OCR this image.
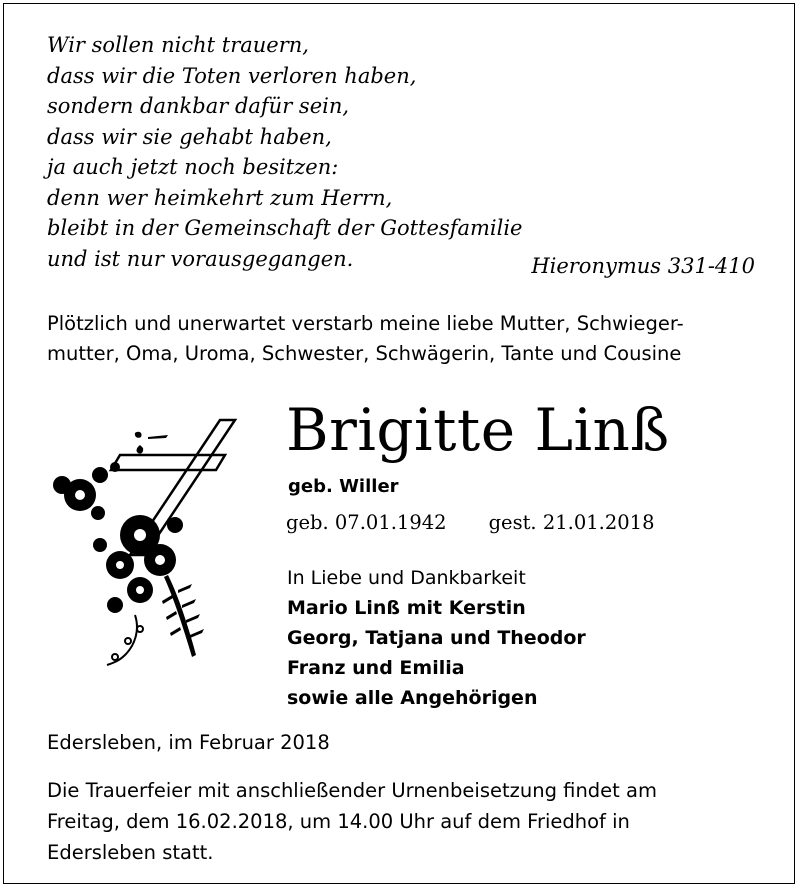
Wir sollen nicht trauern,
dass wir die Toten verloren haben,
sondern dankbar dafür sein,
dass wir sie gehabt haben,
ja auch jetzt noch besitzen:
denn wer heimkehrt zum Herrn,
bleibt in der Gemeinschaft der Gottesfamilie
und ist nur vorausgegangen.	Hieronymus 331-410
Plötzlich und unerwartet verstarb meine liebe Mutter, Schwieger-
mutter, Oma, Uroma, Schwester, Schwägerin, Tante und Cousine
Brigitte Linß
geb. Willer
geb. 07.01.1942 gest. 21.01.2018
In Liebe und Dankbarkeit
Mario Linß mit Kerstin
Georg, Tatjana und Theodor
Franz und Emilia
sowie alle Angehörigen
Edersleben, im Februar 2018
Die Trauerfeier mit anschließender Urnenbeisetzung findet am
Freitag, dem 16.02.2018, um 14.00 Uhr auf dem Friedhof in
Edersleben statt.
